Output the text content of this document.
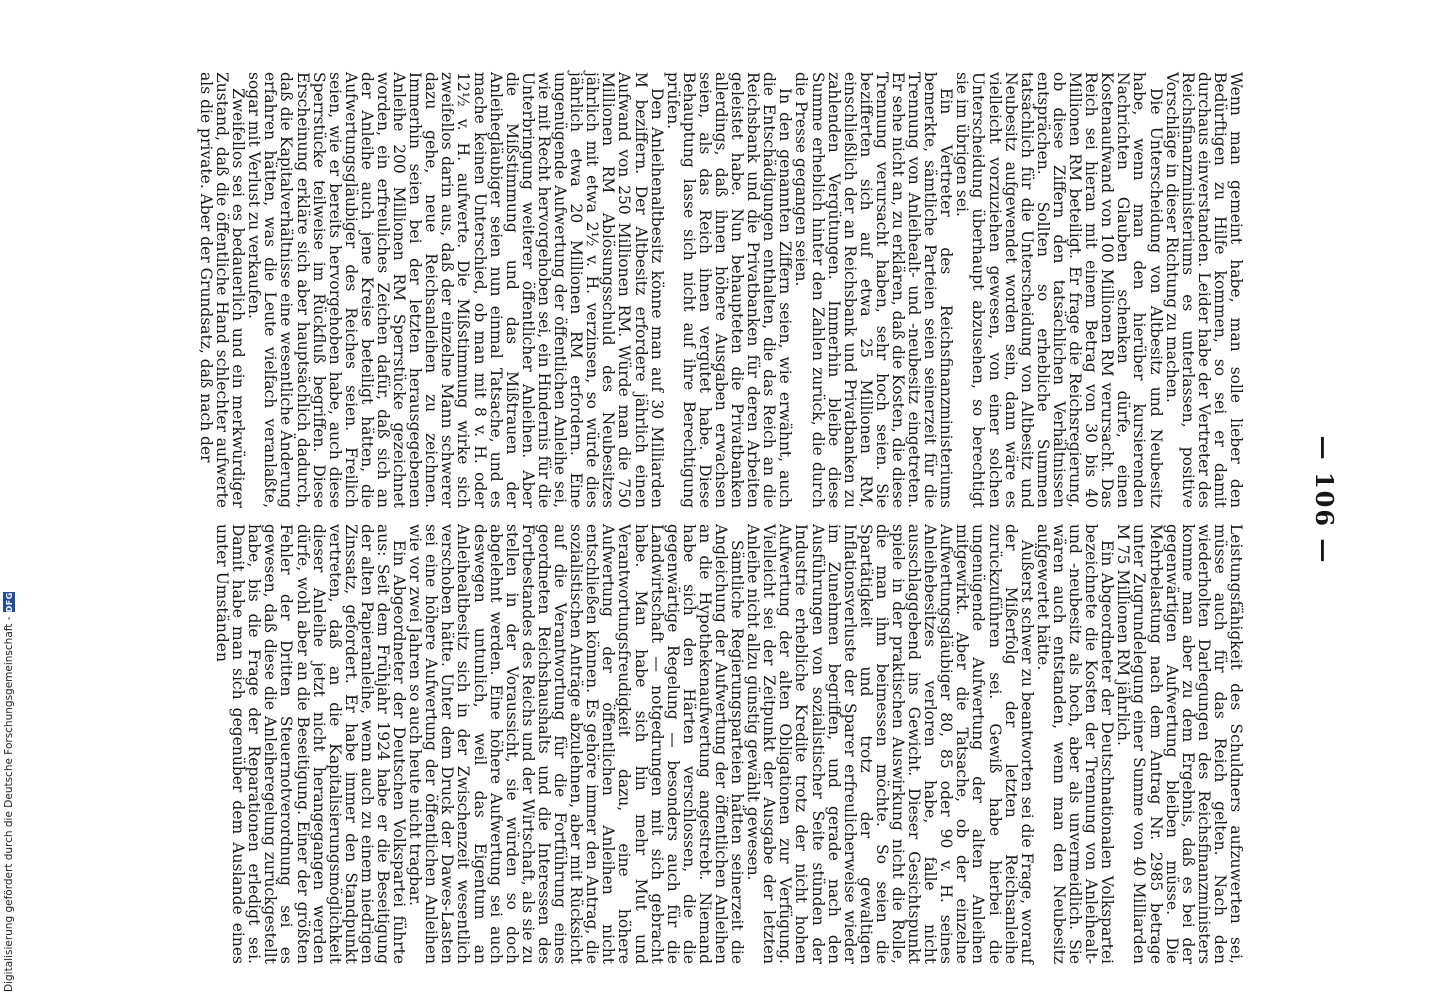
— 106 —

Wenn man gemeint habe, man solle lieber den Bedürftigen zu Hilfe kommen, so sei er damit durchaus einverstanden. Leider habe der Vertreter des Reichsfinanzministeriums es unterlassen, positive Vorschläge in dieser Richtung zu machen.

Die Unterscheidung von Altbesitz und Neubesitz habe, wenn man den hierüber kursierenden Nachrichten Glauben schenken dürfe, einen Kostenaufwand von 100 Millionen RM verursacht. Das Reich sei hieran mit einem Betrag von 30 bis 40 Millionen RM beteiligt. Er frage die Reichsregierung, ob diese Ziffern den tatsächlichen Verhältnissen entsprächen. Sollten so erhebliche Summen tatsächlich für die Unterscheidung von Altbesitz und Neubesitz aufgewendet worden sein, dann wäre es vielleicht vorzuziehen gewesen, von einer solchen Unterscheidung überhaupt abzusehen, so berechtigt sie im übrigen sei.

Ein Vertreter des Reichsfinanzministeriums bemerkte, sämtliche Parteien seien seinerzeit für die Trennung von Anleihealt- und -neubesitz eingetreten. Er sehe nicht an, zu erklären, daß die Kosten, die diese Trennung verursacht haben, sehr hoch seien. Sie bezifferten sich auf etwa 25 Millionen RM, einschließlich der an Reichsbank und Privatbanken zu zahlenden Vergütungen. Immerhin bleibe diese Summe erheblich hinter den Zahlen zurück, die durch die Presse gegangen seien.

In den genannten Ziffern seien, wie erwähnt, auch die Entschädigungen enthalten, die das Reich an die Reichsbank und die Privatbanken für deren Arbeiten geleistet habe. Nun behaupteten die Privatbanken allerdings, daß ihnen höhere Ausgaben erwachsen seien, als das Reich ihnen vergütet habe. Diese Behauptung lasse sich nicht auf ihre Berechtigung prüfen.

Den Anleihenaltbesitz könne man auf 30 Milliarden M beziffern. Der Altbesitz erfordere jährlich einen Aufwand von 250 Millionen RM. Würde man die 750 Millionen RM Ablösungsschuld des Neubesitzes jährlich mit etwa 2½ v. H. verzinsen, so würde dies jährlich etwa 20 Millionen RM erfordern. Eine ungenügende Aufwertung der öffentlichen Anleihe sei, wie mit Recht hervorgehoben sei, ein Hindernis für die Unterbringung weiterer öffentlicher Anleihen. Aber die Mißstimmung und das Mißtrauen der Anleihegläubiger seien nun einmal Tatsache, und es mache keinen Unterschied, ob man mit 8 v. H. oder 12½ v. H. aufwerte. Die Mißstimmung wirke sich zweifellos darin aus, daß der einzelne Mann schwerer dazu gehe, neue Reichsanleihen zu zeichnen. Immerhin seien bei der letzten herausgegebenen Anleihe 200 Millionen RM Sperrstücke gezeichnet worden, ein erfreuliches Zeichen dafür, daß sich an der Anleihe auch jene Kreise beteiligt hätten, die Aufwertungsgläubiger des Reiches seien. Freilich seien, wie er bereits hervorgehoben habe, auch diese Sperrstücke teilweise im Rückfluß begriffen. Diese Erscheinung erkläre sich aber hauptsächlich dadurch, daß die Kapitalverhältnisse eine wesentliche Änderung erfahren hätten, was die Leute vielfach veranlaßte, sogar mit Verlust zu verkaufen.

Zweifellos sei es bedauerlich und ein merkwürdiger Zustand, daß die öffentliche Hand schlechter aufwerte als die private. Aber der Grundsatz, daß nach der

Leistungsfähigkeit des Schuldners aufzuwerten sei, müsse auch für das Reich gelten. Nach den wiederholten Darlegungen des Reichsfinanzministers komme man aber zu dem Ergebnis, daß es bei der gegenwärtigen Aufwertung bleiben müsse. Die Mehrbelastung nach dem Antrag Nr. 2985 betrage unter Zugrundelegung einer Summe von 40 Milliarden M 75 Millionen RM jährlich.

Ein Abgeordneter der Deutschnationalen Volkspartei bezeichnete die Kosten der Trennung von Anleihealt- und -neubesitz als hoch, aber als unvermeidlich. Sie wären auch entstanden, wenn man den Neubesitz aufgewertet hätte.

Äußerst schwer zu beantworten sei die Frage, worauf der Mißerfolg der letzten Reichsanleihe zurückzuführen sei. Gewiß habe hierbei die ungenügende Aufwertung der alten Anleihen mitgewirkt. Aber die Tatsache, ob der einzelne Aufwertungsgläubiger 80, 85 oder 90 v. H. seines Anleihebesitzes verloren habe, falle nicht ausschlaggebend ins Gewicht. Dieser Gesichtspunkt spiele in der praktischen Auswirkung nicht die Rolle, die man ihm beimessen möchte. So seien die Spartätigkeit und trotz der gewaltigen Inflationsverluste der Sparer erfreulicherweise wieder im Zunehmen begriffen, und gerade nach den Ausführungen von sozialistischer Seite stünden der Industrie erhebliche Kredite trotz der nicht hohen Aufwertung der alten Obligationen zur Verfügung. Vielleicht sei der Zeitpunkt der Ausgabe der letzten Anleihe nicht allzu günstig gewählt gewesen.

Sämtliche Regierungsparteien hätten seinerzeit die Angleichung der Aufwertung der öffentlichen Anleihen an die Hypothekenaufwertung angestrebt. Niemand habe sich den Härten verschlossen, die die gegenwärtige Regelung — besonders auch für die Landwirtschaft — notgedrungen mit sich gebracht habe. Man habe sich hin mehr Mut und Verantwortungsfreudigkeit dazu, eine höhere Aufwertung der öffentlichen Anleihen nicht entschließen können. Es gehöre immer den Antrag, die sozialistischen Anträge abzulehnen, aber mit Rücksicht auf die Verantwortung für die Fortführung eines geordneten Reichshaushalts und die Interessen des Fortbestandes des Reichs und der Wirtschaft, als sie zu stellen in der Voraussicht, sie würden so doch abgelehnt werden. Eine höhere Aufwertung sei auch deswegen untunlich, weil das Eigentum an Anleihealtbesitz sich in der Zwischenzeit wesentlich verschoben hätte. Unter dem Druck der Dawes-Lasten sei eine höhere Aufwertung der öffentlichen Anleihen wie vor zwei Jahren so auch heute nicht tragbar.

Ein Abgeordneter der Deutschen Volkspartei führte aus: Seit dem Frühjahr 1924 habe er die Beseitigung der alten Papieranleihe, wenn auch zu einem niedrigen Zinssatz, gefordert. Er habe immer den Standpunkt vertreten, daß an die Kapitalisierungsmöglichkeit dieser Anleihe jetzt nicht herangegangen werden dürfe, wohl aber an die Beseitigung. Einer der größten Fehler der Dritten Steuernotverordnung sei es gewesen, daß diese die Anleiheregelung zurückgestellt habe, bis die Frage der Reparationen erledigt sei. Damit habe man sich gegenüber dem Auslande eines unter Umständen

Digitalisierung gefördert durch die Deutsche Forschungsgemeinschaft -
DFG
